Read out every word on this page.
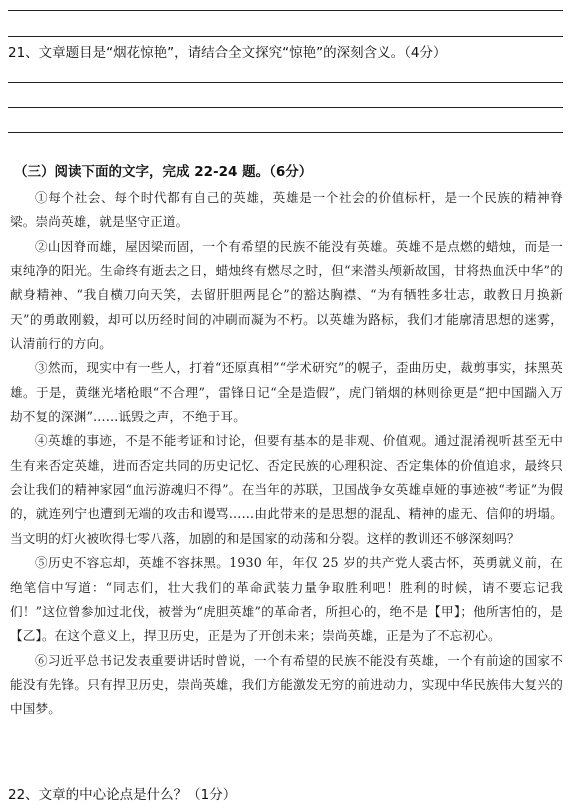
21、文章题目是“烟花惊艳”，请结合全文探究“惊艳”的深刻含义。（4分）
（三）阅读下面的文字，完成 22-24 题。（6分）

①每个社会、每个时代都有自己的英雄，英雄是一个社会的价值标杆，是一个民族的精神脊梁。崇尚英雄，就是坚守正道。

②山因脊而雄，屋因梁而固，一个有希望的民族不能没有英雄。英雄不是点燃的蜡烛，而是一束纯净的阳光。生命终有逝去之日，蜡烛终有燃尽之时，但“来潜头颅新故国，甘将热血沃中华”的献身精神、“我自横刀向天笑，去留肝胆两昆仑”的豁达胸襟、“为有牺牲多壮志，敢教日月换新天”的勇敢刚毅，却可以历经时间的冲刷而凝为不朽。以英雄为路标，我们才能廓清思想的迷雾，认清前行的方向。

③然而，现实中有一些人，打着“还原真相”“学术研究”的幌子，歪曲历史，裁剪事实，抹黑英雄。于是，黄继光堵枪眼“不合理”，雷锋日记“全是造假”，虎门销烟的林则徐更是“把中国踹入万劫不复的深渊”……诋毁之声，不绝于耳。

④英雄的事迹，不是不能考证和讨论，但要有基本的是非观、价值观。通过混淆视听甚至无中生有来否定英雄，进而否定共同的历史记忆、否定民族的心理积淀、否定集体的价值追求，最终只会让我们的精神家园“血污游魂归不得”。在当年的苏联，卫国战争女英雄卓娅的事迹被“考证”为假的，就连列宁也遭到无端的攻击和谩骂……由此带来的是思想的混乱、精神的虚无、信仰的坍塌。当文明的灯火被吹得七零八落，加剧的和是国家的动荡和分裂。这样的教训还不够深刻吗？

⑤历史不容忘却，英雄不容抹黑。1930 年，年仅 25 岁的共产党人裘古怀，英勇就义前，在绝笔信中写道：“同志们，壮大我们的革命武装力量争取胜利吧！胜利的时候，请不要忘记我们！”这位曾参加过北伐，被誉为“虎胆英雄”的革命者，所担心的，绝不是【甲】；他所害怕的，是【乙】。在这个意义上，捍卫历史，正是为了开创未来；崇尚英雄，正是为了不忘初心。

⑥习近平总书记发表重要讲话时曾说，一个有希望的民族不能没有英雄，一个有前途的国家不能没有先锋。只有捍卫历史，崇尚英雄，我们方能激发无穷的前进动力，实现中华民族伟大复兴的中国梦。

22、文章的中心论点是什么？（1分）
